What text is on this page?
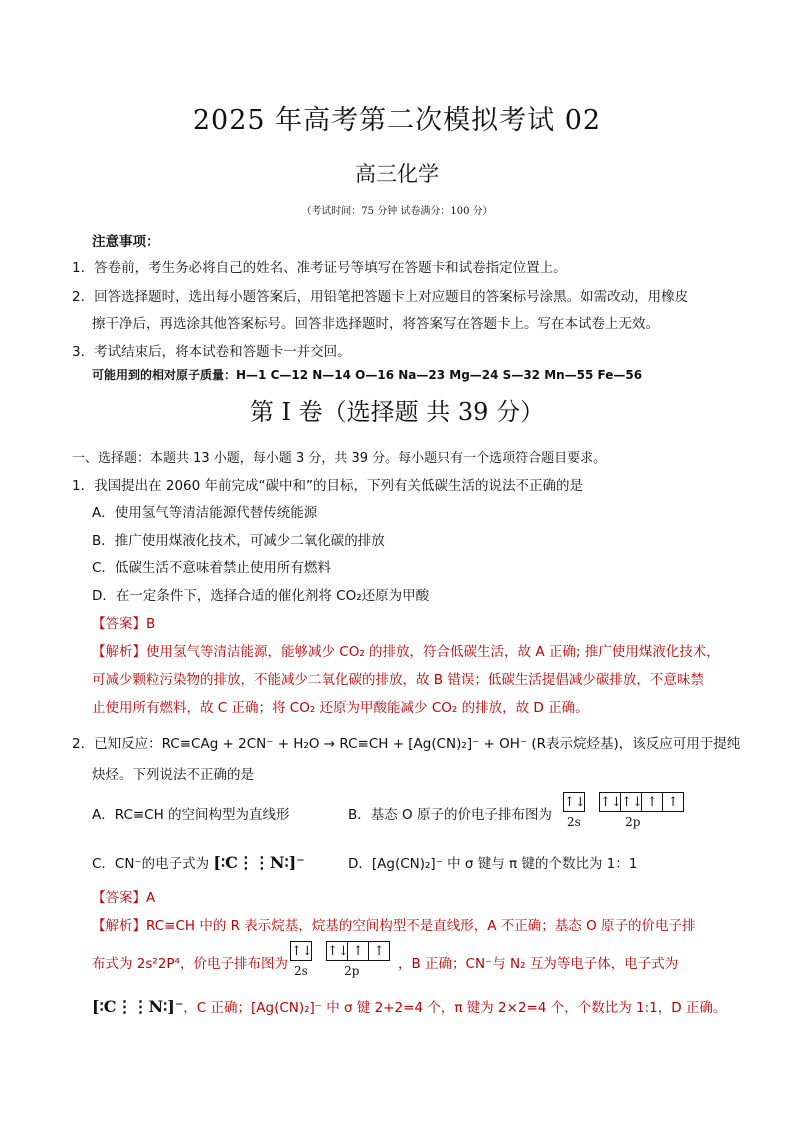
2025 年高考第二次模拟考试 02
高三化学
（考试时间：75 分钟 试卷满分：100 分）
注意事项：
1．答卷前，考生务必将自己的姓名、准考证号等填写在答题卡和试卷指定位置上。
2．回答选择题时，选出每小题答案后，用铅笔把答题卡上对应题目的答案标号涂黑。如需改动，用橡皮
擦干净后，再选涂其他答案标号。回答非选择题时，将答案写在答题卡上。写在本试卷上无效。
3．考试结束后，将本试卷和答题卡一并交回。
可能用到的相对原子质量：H—1 C—12 N—14 O—16 Na—23 Mg—24 S—32 Mn—55 Fe—56
第 I 卷（选择题 共 39 分）
一、选择题：本题共 13 小题，每小题 3 分，共 39 分。每小题只有一个选项符合题目要求。
1．我国提出在 2060 年前完成“碳中和”的目标，下列有关低碳生活的说法不正确的是
A．使用氢气等清洁能源代替传统能源
B．推广使用煤液化技术，可减少二氧化碳的排放
C．低碳生活不意味着禁止使用所有燃料
D．在一定条件下，选择合适的催化剂将 CO₂还原为甲酸
【答案】B
【解析】使用氢气等清洁能源，能够减少 CO₂ 的排放，符合低碳生活，故 A 正确; 推广使用煤液化技术，
可减少颗粒污染物的排放，不能减少二氧化碳的排放，故 B 错误；低碳生活提倡减少碳排放，不意味禁
止使用所有燃料，故 C 正确；将 CO₂ 还原为甲酸能减少 CO₂ 的排放，故 D 正确。
2．已知反应：RC≡CAg + 2CN⁻ + H₂O → RC≡CH + [Ag(CN)₂]⁻ + OH⁻ (R表示烷烃基)，该反应可用于提纯
炔烃。下列说法不正确的是
A．RC≡CH 的空间构型为直线形	B．基态 O 原子的价电子排布图为
↑↓
2s
↑↓↑↓ ↑ ↑
2p
C．CN⁻的电子式为 [∶C⋮⋮N∶]⁻	D．[Ag(CN)₂]⁻ 中 σ 键与 π 键的个数比为 1：1
【答案】A
【解析】RC≡CH 中的 R 表示烷基，烷基的空间构型不是直线形，A 不正确；基态 O 原子的价电子排
布式为 2s²2P⁴，价电子排布图为
↑↓
2s
↑↓ ↑ ↑
2p	，B 正确；CN⁻与 N₂ 互为等电子体，电子式为
[∶C⋮⋮N∶]⁻，C 正确；[Ag(CN)₂]⁻ 中 σ 键 2+2=4 个，π 键为 2×2=4 个，个数比为 1:1，D 正确。
